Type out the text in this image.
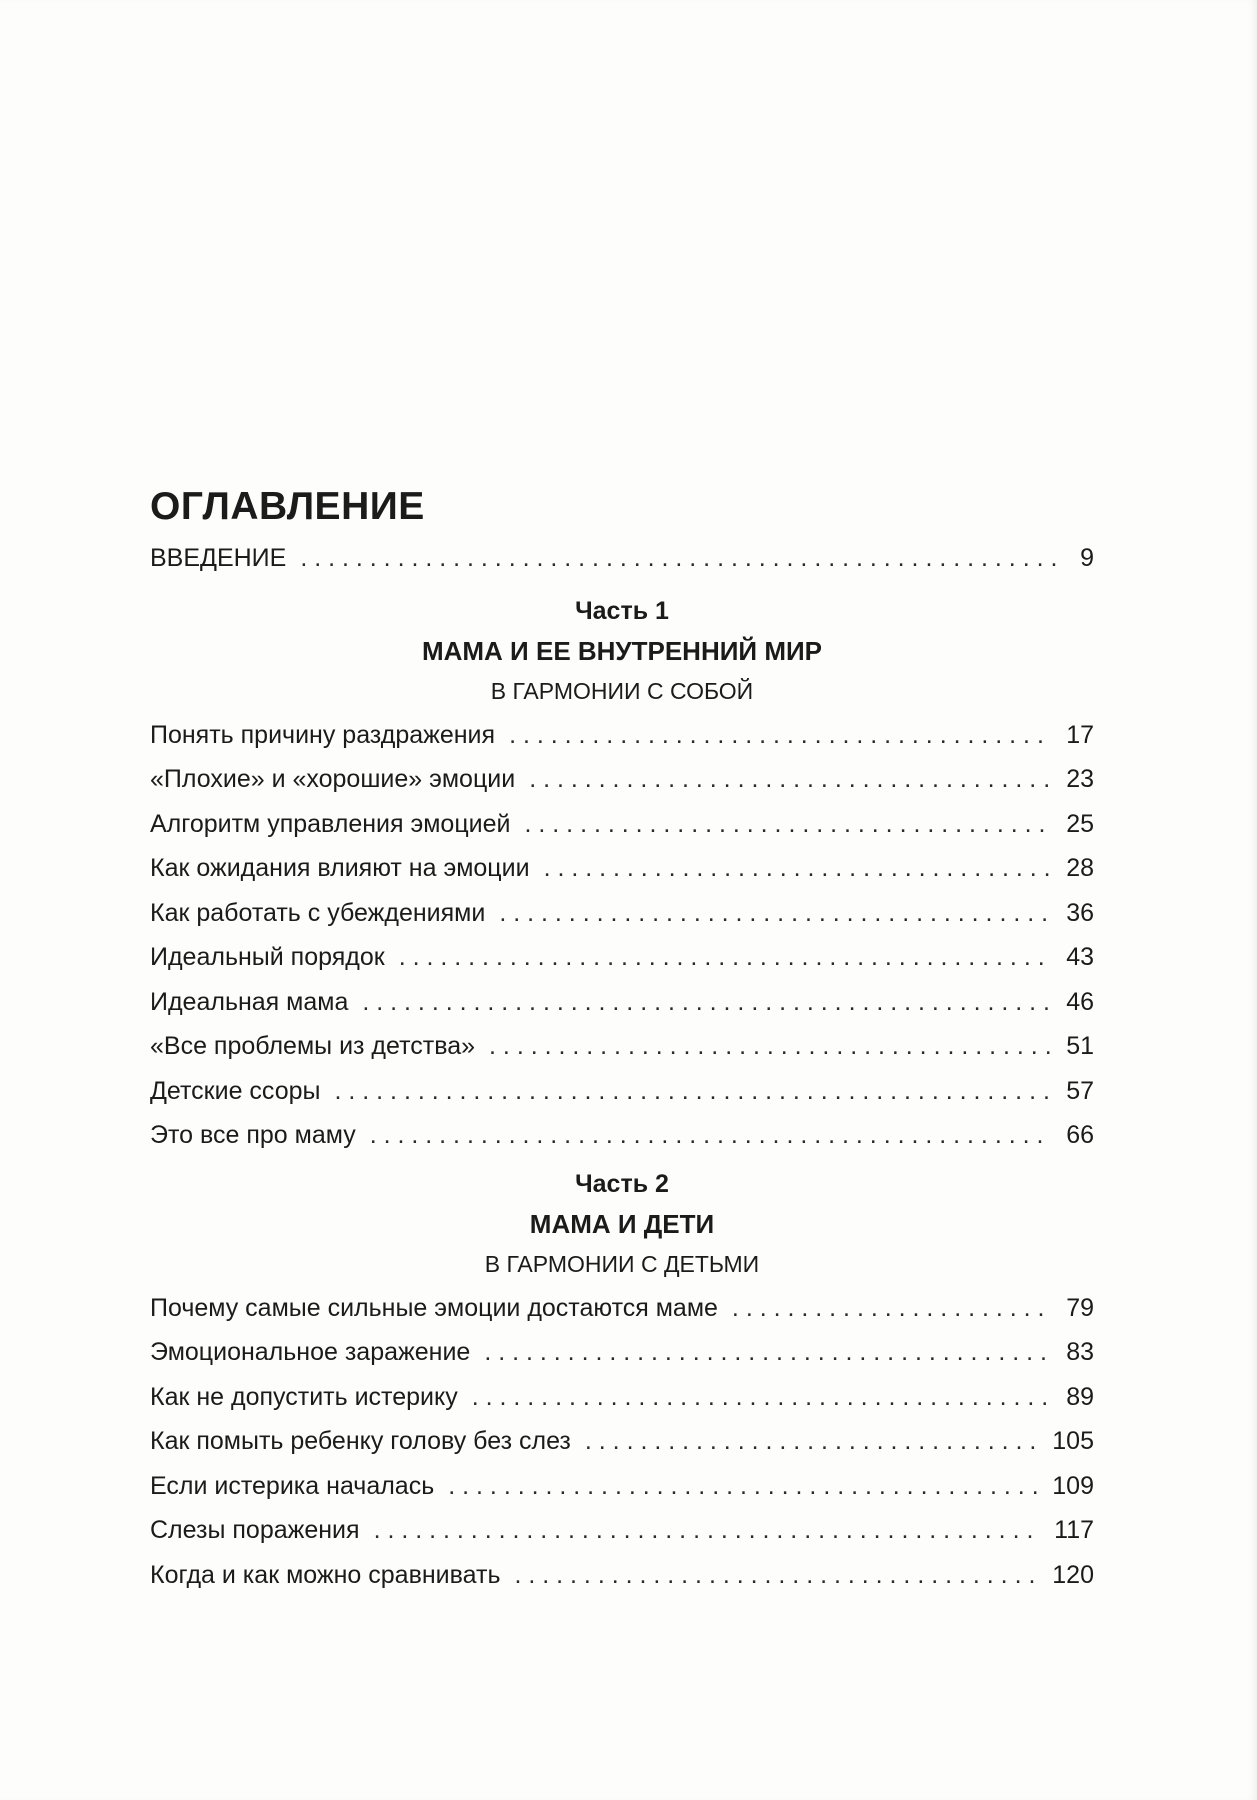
ОГЛАВЛЕНИЕ
ВВЕДЕНИЕ . . .	9
Часть 1
МАМА И ЕЕ ВНУТРЕННИЙ МИР
В ГАРМОНИИ С СОБОЙ
Понять причину раздражения . . .	17
«Плохие» и «хорошие» эмоции . . .	23
Алгоритм управления эмоцией . . .	25
Как ожидания влияют на эмоции . . .	28
Как работать с убеждениями . . .	36
Идеальный порядок . . .	43
Идеальная мама . . .	46
«Все проблемы из детства» . . .	51
Детские ссоры . . .	57
Это все про маму . . .	66
Часть 2
МАМА И ДЕТИ
В ГАРМОНИИ С ДЕТЬМИ
Почему самые сильные эмоции достаются маме . . .	79
Эмоциональное заражение . . .	83
Как не допустить истерику . . .	89
Как помыть ребенку голову без слез . . .	105
Если истерика началась . . .	109
Слезы поражения . . .	117
Когда и как можно сравнивать . . .	120
